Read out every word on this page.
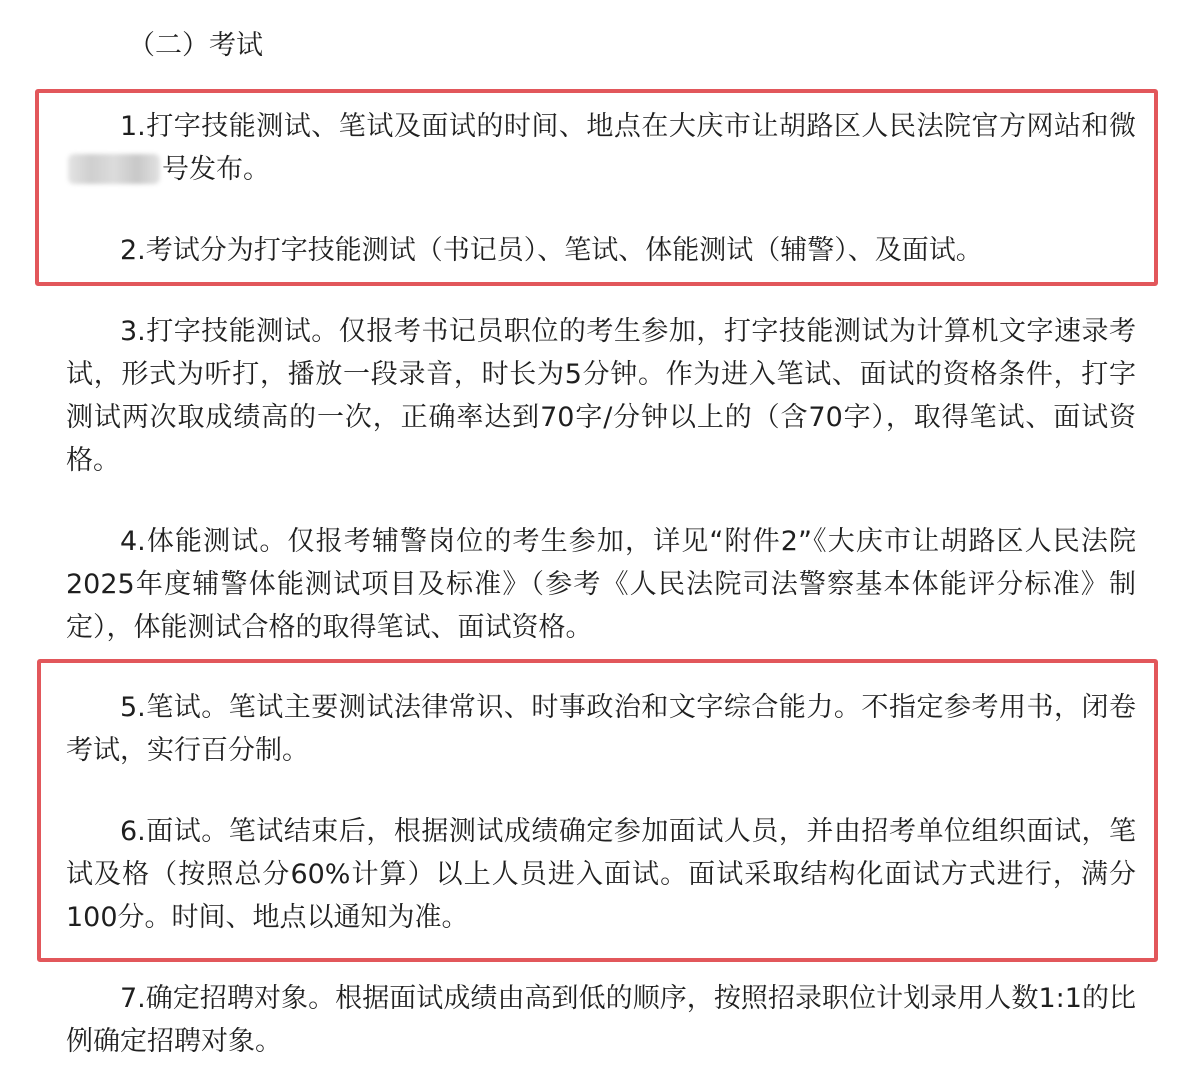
（二）考试

1.打字技能测试、笔试及面试的时间、地点在大庆市让胡路区人民法院官方网站和微号发布。

2.考试分为打字技能测试（书记员）、笔试、体能测试（辅警）、及面试。

3.打字技能测试。仅报考书记员职位的考生参加，打字技能测试为计算机文字速录考试，形式为听打，播放一段录音，时长为5分钟。作为进入笔试、面试的资格条件，打字测试两次取成绩高的一次，正确率达到70字/分钟以上的（含70字），取得笔试、面试资格。

4.体能测试。仅报考辅警岗位的考生参加，详见“附件2”《大庆市让胡路区人民法院2025年度辅警体能测试项目及标准》（参考《人民法院司法警察基本体能评分标准》制定），体能测试合格的取得笔试、面试资格。

5.笔试。笔试主要测试法律常识、时事政治和文字综合能力。不指定参考用书，闭卷考试，实行百分制。

6.面试。笔试结束后，根据测试成绩确定参加面试人员，并由招考单位组织面试，笔试及格（按照总分60%计算）以上人员进入面试。面试采取结构化面试方式进行，满分100分。时间、地点以通知为准。

7.确定招聘对象。根据面试成绩由高到低的顺序，按照招录职位计划录用人数1:1的比例确定招聘对象。
